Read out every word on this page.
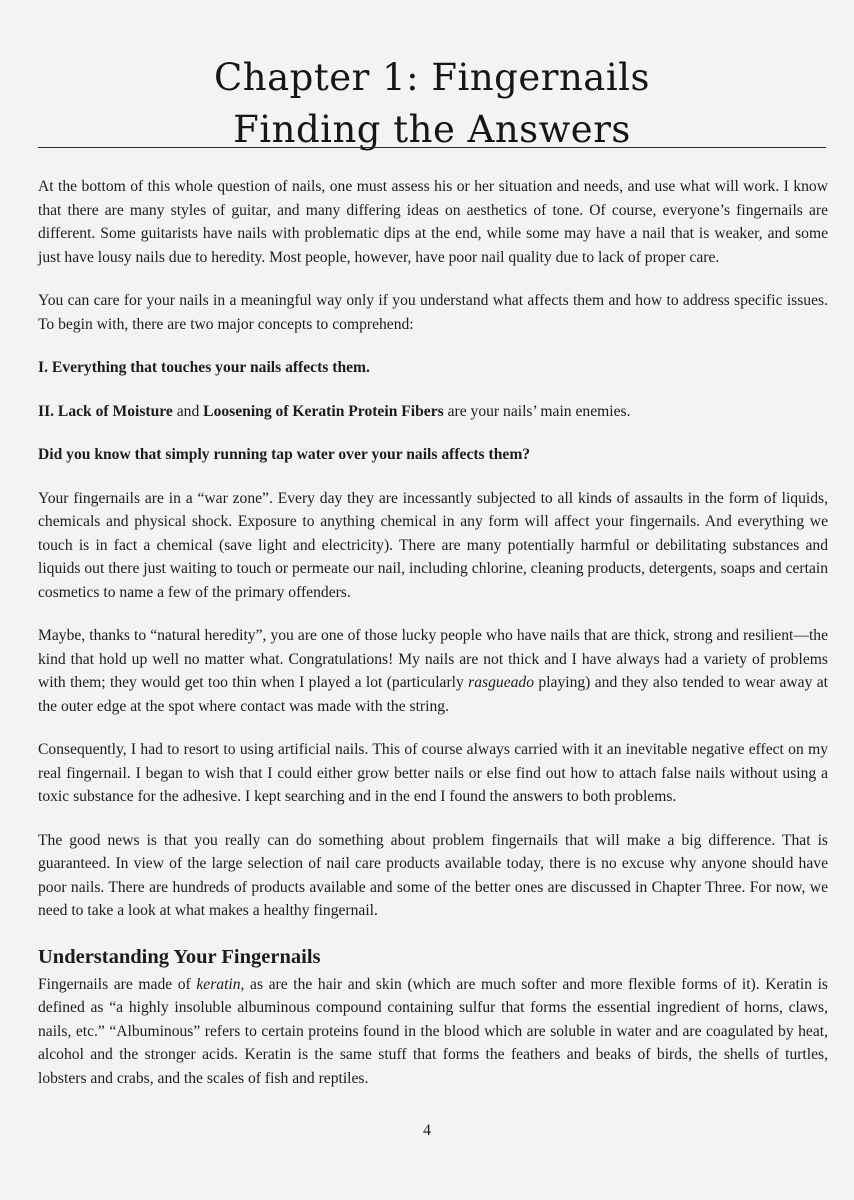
Chapter 1: Fingernails
Finding the Answers

At the bottom of this whole question of nails, one must assess his or her situation and needs, and use what will work. I know that there are many styles of guitar, and many differing ideas on aesthetics of tone. Of course, everyone’s fingernails are different. Some guitarists have nails with problematic dips at the end, while some may have a nail that is weaker, and some just have lousy nails due to heredity. Most people, however, have poor nail quality due to lack of proper care.

You can care for your nails in a meaningful way only if you understand what affects them and how to address specific issues. To begin with, there are two major concepts to comprehend:

I. Everything that touches your nails affects them.

II. Lack of Moisture and Loosening of Keratin Protein Fibers are your nails’ main enemies.

Did you know that simply running tap water over your nails affects them?

Your fingernails are in a “war zone”. Every day they are incessantly subjected to all kinds of assaults in the form of liquids, chemicals and physical shock. Exposure to anything chemical in any form will affect your fingernails. And everything we touch is in fact a chemical (save light and electricity). There are many potentially harmful or debilitating substances and liquids out there just waiting to touch or permeate our nail, including chlorine, cleaning products, detergents, soaps and certain cosmetics to name a few of the primary offenders.

Maybe, thanks to “natural heredity”, you are one of those lucky people who have nails that are thick, strong and resilient—the kind that hold up well no matter what. Congratulations! My nails are not thick and I have always had a variety of problems with them; they would get too thin when I played a lot (particularly rasgueado playing) and they also tended to wear away at the outer edge at the spot where contact was made with the string.

Consequently, I had to resort to using artificial nails. This of course always carried with it an inevitable negative effect on my real fingernail. I began to wish that I could either grow better nails or else find out how to attach false nails without using a toxic substance for the adhesive. I kept searching and in the end I found the answers to both problems.

The good news is that you really can do something about problem fingernails that will make a big difference. That is guaranteed. In view of the large selection of nail care products available today, there is no excuse why anyone should have poor nails. There are hundreds of products available and some of the better ones are discussed in Chapter Three. For now, we need to take a look at what makes a healthy fingernail.

Understanding Your Fingernails

Fingernails are made of keratin, as are the hair and skin (which are much softer and more flexible forms of it). Keratin is defined as “a highly insoluble albuminous compound containing sulfur that forms the essential ingredient of horns, claws, nails, etc.” “Albuminous” refers to certain proteins found in the blood which are soluble in water and are coagulated by heat, alcohol and the stronger acids. Keratin is the same stuff that forms the feathers and beaks of birds, the shells of turtles, lobsters and crabs, and the scales of fish and reptiles.

4
